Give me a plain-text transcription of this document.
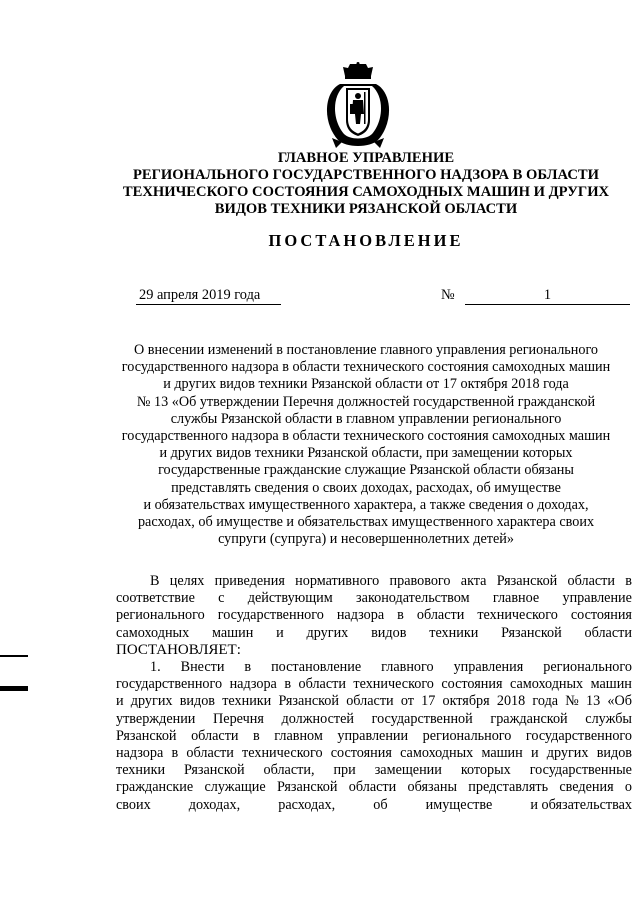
ГЛАВНОЕ УПРАВЛЕНИЕ
РЕГИОНАЛЬНОГО ГОСУДАРСТВЕННОГО НАДЗОРА В ОБЛАСТИ
ТЕХНИЧЕСКОГО СОСТОЯНИЯ САМОХОДНЫХ МАШИН И ДРУГИХ
ВИДОВ ТЕХНИКИ РЯЗАНСКОЙ ОБЛАСТИ
ПОСТАНОВЛЕНИЕ
29 апреля 2019 года	№	1
О внесении изменений в постановление главного управления регионального
государственного надзора в области технического состояния самоходных машин
и других видов техники Рязанской области от 17 октября 2018 года
№ 13 «Об утверждении Перечня должностей государственной гражданской
службы Рязанской области в главном управлении регионального
государственного надзора в области технического состояния самоходных машин
и других видов техники Рязанской области, при замещении которых
государственные гражданские служащие Рязанской области обязаны
представлять сведения о своих доходах, расходах, об имуществе
и обязательствах имущественного характера, а также сведения о доходах,
расходах, об имуществе и обязательствах имущественного характера своих
супруги (супруга) и несовершеннолетних детей»
В целях приведения нормативного правового акта Рязанской области в
соответствие с действующим законодательством главное управление
регионального государственного надзора в области технического состояния
самоходных машин и других видов техники Рязанской области
ПОСТАНОВЛЯЕТ:
1. Внести в постановление главного управления регионального
государственного надзора в области технического состояния самоходных машин
и других видов техники Рязанской области от 17 октября 2018 года № 13 «Об
утверждении Перечня должностей государственной гражданской службы
Рязанской области в главном управлении регионального государственного
надзора в области технического состояния самоходных машин и других видов
техники Рязанской области, при замещении которых государственные
гражданские служащие Рязанской области обязаны представлять сведения о
своих	доходах,	расходах,	об	имуществе	и обязательствах
